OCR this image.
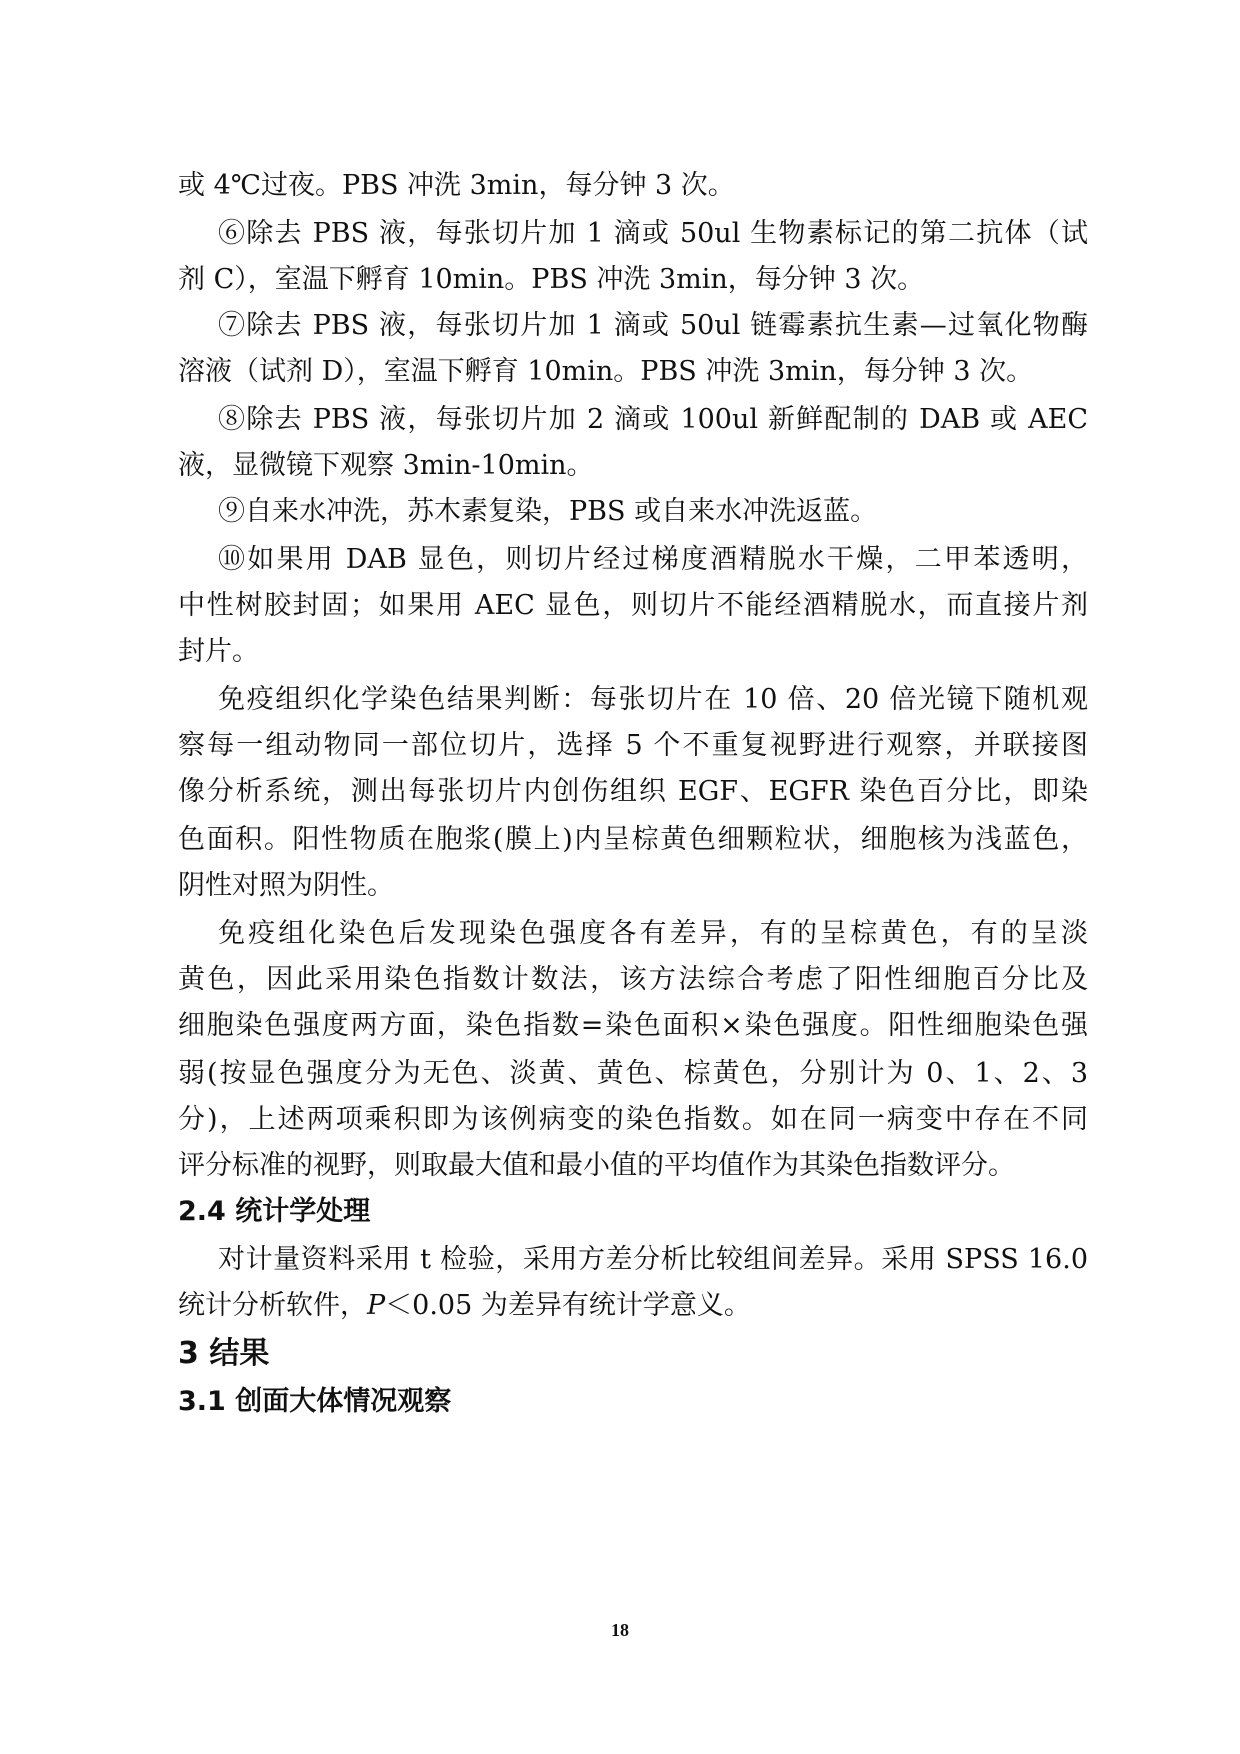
或 4℃过夜。PBS 冲洗 3min，每分钟 3 次。
⑥除去 PBS 液，每张切片加 1 滴或 50ul 生物素标记的第二抗体（试
剂 C），室温下孵育 10min。PBS 冲洗 3min，每分钟 3 次。
⑦除去 PBS 液，每张切片加 1 滴或 50ul 链霉素抗生素—过氧化物酶
溶液（试剂 D），室温下孵育 10min。PBS 冲洗 3min，每分钟 3 次。
⑧除去 PBS 液，每张切片加 2 滴或 100ul 新鲜配制的 DAB 或 AEC
液，显微镜下观察 3min-10min。
⑨自来水冲洗，苏木素复染，PBS 或自来水冲洗返蓝。
⑩如果用 DAB 显色，则切片经过梯度酒精脱水干燥，二甲苯透明，
中性树胶封固；如果用 AEC 显色，则切片不能经酒精脱水，而直接片剂
封片。
免疫组织化学染色结果判断：每张切片在 10 倍、20 倍光镜下随机观
察每一组动物同一部位切片，选择 5 个不重复视野进行观察，并联接图
像分析系统，测出每张切片内创伤组织 EGF、EGFR 染色百分比，即染
色面积。阳性物质在胞浆(膜上)内呈棕黄色细颗粒状，细胞核为浅蓝色，
阴性对照为阴性。
免疫组化染色后发现染色强度各有差异，有的呈棕黄色，有的呈淡
黄色，因此采用染色指数计数法，该方法综合考虑了阳性细胞百分比及
细胞染色强度两方面，染色指数=染色面积×染色强度。阳性细胞染色强
弱(按显色强度分为无色、淡黄、黄色、棕黄色，分别计为 0、1、2、3
分)，上述两项乘积即为该例病变的染色指数。如在同一病变中存在不同
评分标准的视野，则取最大值和最小值的平均值作为其染色指数评分。
2.4 统计学处理
对计量资料采用 t 检验，采用方差分析比较组间差异。采用 SPSS 16.0
统计分析软件，P＜0.05 为差异有统计学意义。
3 结果
3.1 创面大体情况观察
18
